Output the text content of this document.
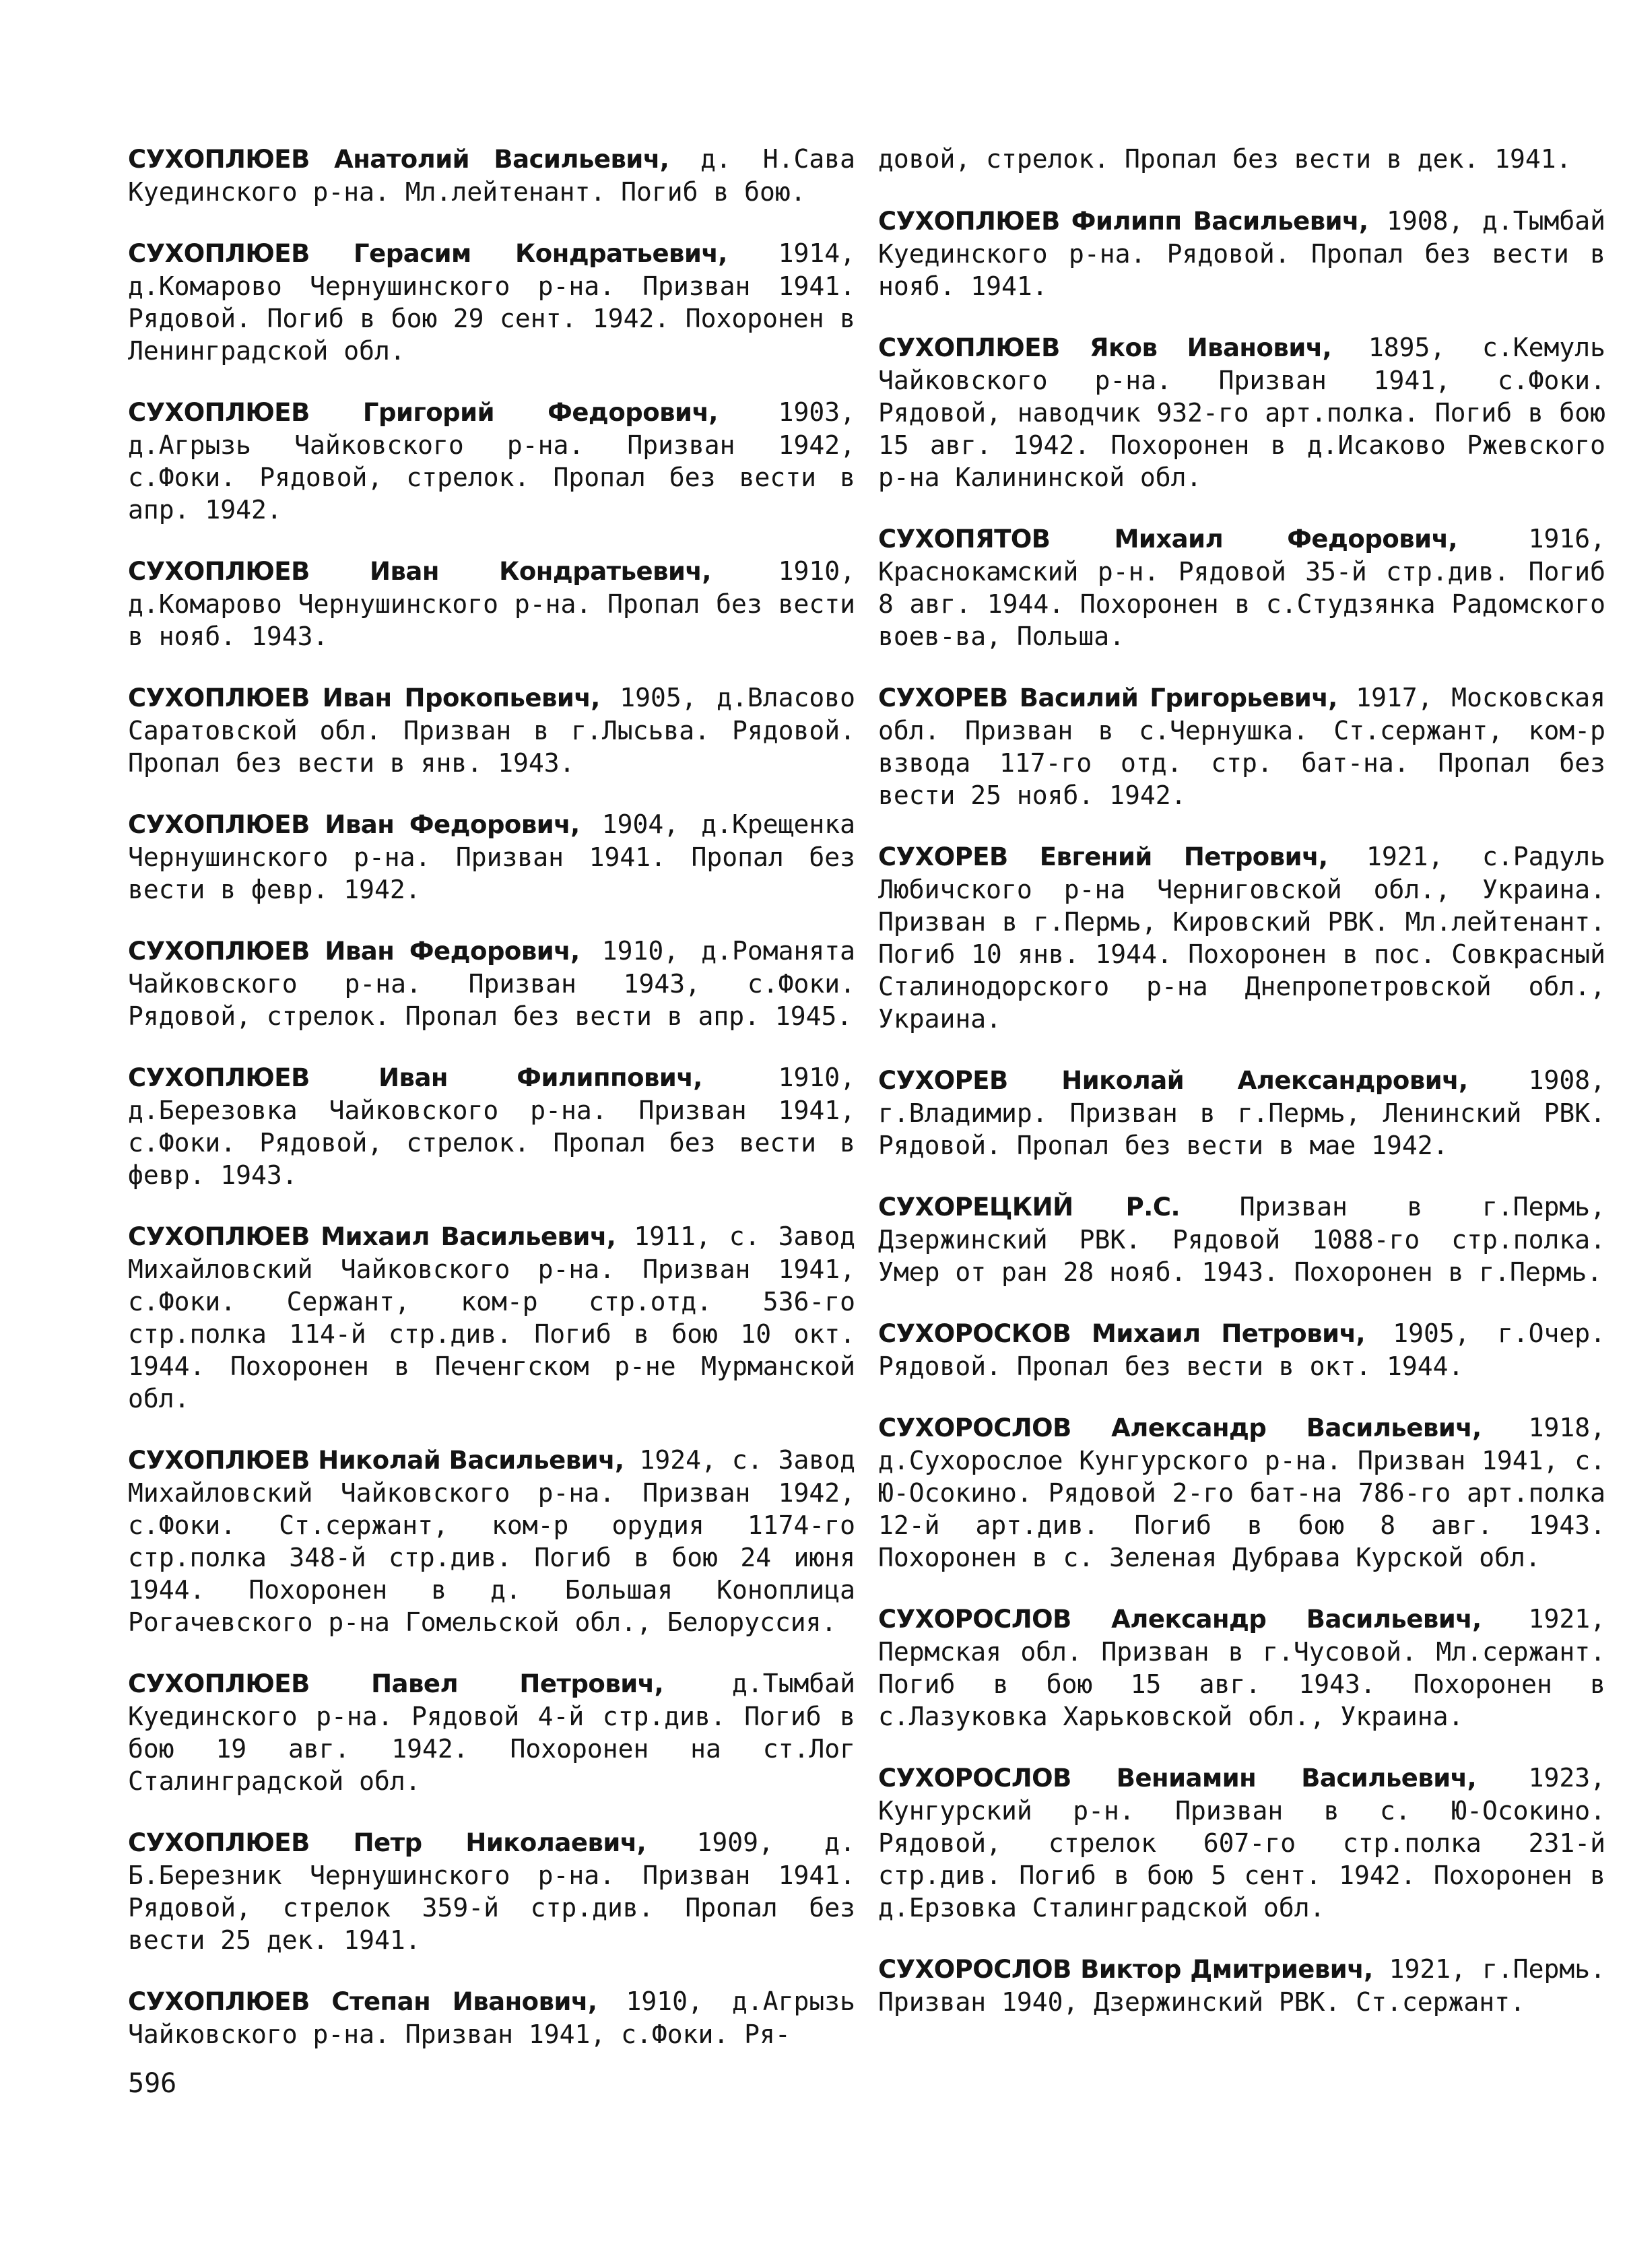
СУХОПЛЮЕВ Анатолий Васильевич, д. Н.Сава Куединского р-на. Мл.лейтенант. Погиб в бою.

СУХОПЛЮЕВ Герасим Кондратьевич, 1914, д.Комарово Чернушинского р-на. Призван 1941. Рядовой. Погиб в бою 29 сент. 1942. Похоронен в Ленинградской обл.

СУХОПЛЮЕВ Григорий Федорович, 1903, д.Агрызь Чайковского р-на. Призван 1942, с.Фоки. Рядовой, стрелок. Пропал без вести в апр. 1942.

СУХОПЛЮЕВ Иван Кондратьевич,	1910, д.Комарово Чернушинского р-на. Пропал без вести в нояб. 1943.

СУХОПЛЮЕВ Иван Прокопьевич, 1905, д.Власово Саратовской обл. Призван в г.Лысьва. Рядовой. Пропал без вести в янв. 1943.

СУХОПЛЮЕВ Иван Федорович, 1904, д.Крещенка Чернушинского р-на. Призван 1941. Пропал без вести в февр. 1942.

СУХОПЛЮЕВ Иван Федорович, 1910, д.Романята Чайковского р-на. Призван 1943, с.Фоки. Рядовой, стрелок. Пропал без вести в апр. 1945.

СУХОПЛЮЕВ Иван Филиппович,	1910, д.Березовка Чайковского р-на. Призван 1941, с.Фоки. Рядовой, стрелок. Пропал без вести в февр. 1943.

СУХОПЛЮЕВ Михаил Васильевич, 1911, с. Завод Михайловский Чайковского р-на. Призван 1941, с.Фоки. Сержант, ком-р стр.отд. 536-го стр.полка 114-й стр.див. Погиб в бою 10 окт. 1944. Похоронен в Печенгском р-не Мурманской обл.

СУХОПЛЮЕВ Николай Васильевич, 1924, с. Завод Михайловский Чайковского р-на. Призван 1942, с.Фоки. Ст.сержант, ком-р орудия 1174-го стр.полка 348-й стр.див. Погиб в бою 24 июня 1944. Похоронен в д. Большая Коноплица Рогачевского р-на Гомельской обл., Белоруссия.

СУХОПЛЮЕВ Павел Петрович,	д.Тымбай Куединского р-на. Рядовой 4-й стр.див. Погиб в бою 19 авг. 1942. Похоронен на ст.Лог Сталинградской обл.

СУХОПЛЮЕВ Петр Николаевич, 1909, д. Б.Березник Чернушинского р-на. Призван 1941. Рядовой, стрелок 359-й стр.див. Пропал без вести 25 дек. 1941.

СУХОПЛЮЕВ Степан Иванович, 1910, д.Агрызь Чайковского р-на. Призван 1941, с.Фоки. Ря-

довой, стрелок. Пропал без вести в дек. 1941.

СУХОПЛЮЕВ Филипп Васильевич, 1908, д.Тымбай Куединского р-на. Рядовой. Пропал без вести в нояб. 1941.

СУХОПЛЮЕВ Яков Иванович, 1895, с.Кемуль Чайковского р-на. Призван 1941, с.Фоки. Рядовой, наводчик 932-го арт.полка. Погиб в бою 15 авг. 1942. Похоронен в д.Исаково Ржевского р-на Калининской обл.

СУХОПЯТОВ Михаил Федорович,	1916, Краснокамский р-н. Рядовой 35-й стр.див. Погиб 8 авг. 1944. Похоронен в с.Студзянка Радомского воев-ва, Польша.

СУХОРЕВ Василий Григорьевич, 1917, Московская обл. Призван в с.Чернушка. Ст.сержант, ком-р взвода 117-го отд. стр. бат-на. Пропал без вести 25 нояб. 1942.

СУХОРЕВ Евгений Петрович, 1921, с.Радуль Любичского р-на Черниговской обл., Украина. Призван в г.Пермь, Кировский РВК. Мл.лейтенант. Погиб 10 янв. 1944. Похоронен в пос. Совкрасный Сталинодорского р-на Днепропетровской обл., Украина.

СУХОРЕВ Николай Александрович, 1908, г.Владимир. Призван в г.Пермь, Ленинский РВК. Рядовой. Пропал без вести в мае 1942.

СУХОРЕЦКИЙ Р.С. Призван в г.Пермь, Дзержинский РВК. Рядовой 1088-го стр.полка. Умер от ран 28 нояб. 1943. Похоронен в г.Пермь.

СУХОРОСКОВ Михаил Петрович, 1905, г.Очер. Рядовой. Пропал без вести в окт. 1944.

СУХОРОСЛОВ Александр Васильевич, 1918, д.Сухорослое Кунгурского р-на. Призван 1941, с. Ю-Осокино. Рядовой 2-го бат-на 786-го арт.полка 12-й арт.див. Погиб в бою 8 авг. 1943. Похоронен в с. Зеленая Дубрава Курской обл.

СУХОРОСЛОВ Александр Васильевич, 1921, Пермская обл. Призван в г.Чусовой. Мл.сержант. Погиб в бою 15 авг. 1943. Похоронен в с.Лазуковка Харьковской обл., Украина.

СУХОРОСЛОВ Вениамин Васильевич, 1923, Кунгурский р-н. Призван в с. Ю-Осокино. Рядовой, стрелок 607-го стр.полка 231-й стр.див. Погиб в бою 5 сент. 1942. Похоронен в д.Ерзовка Сталинградской обл.

СУХОРОСЛОВ Виктор Дмитриевич, 1921, г.Пермь. Призван 1940, Дзержинский РВК. Ст.сержант.

596
